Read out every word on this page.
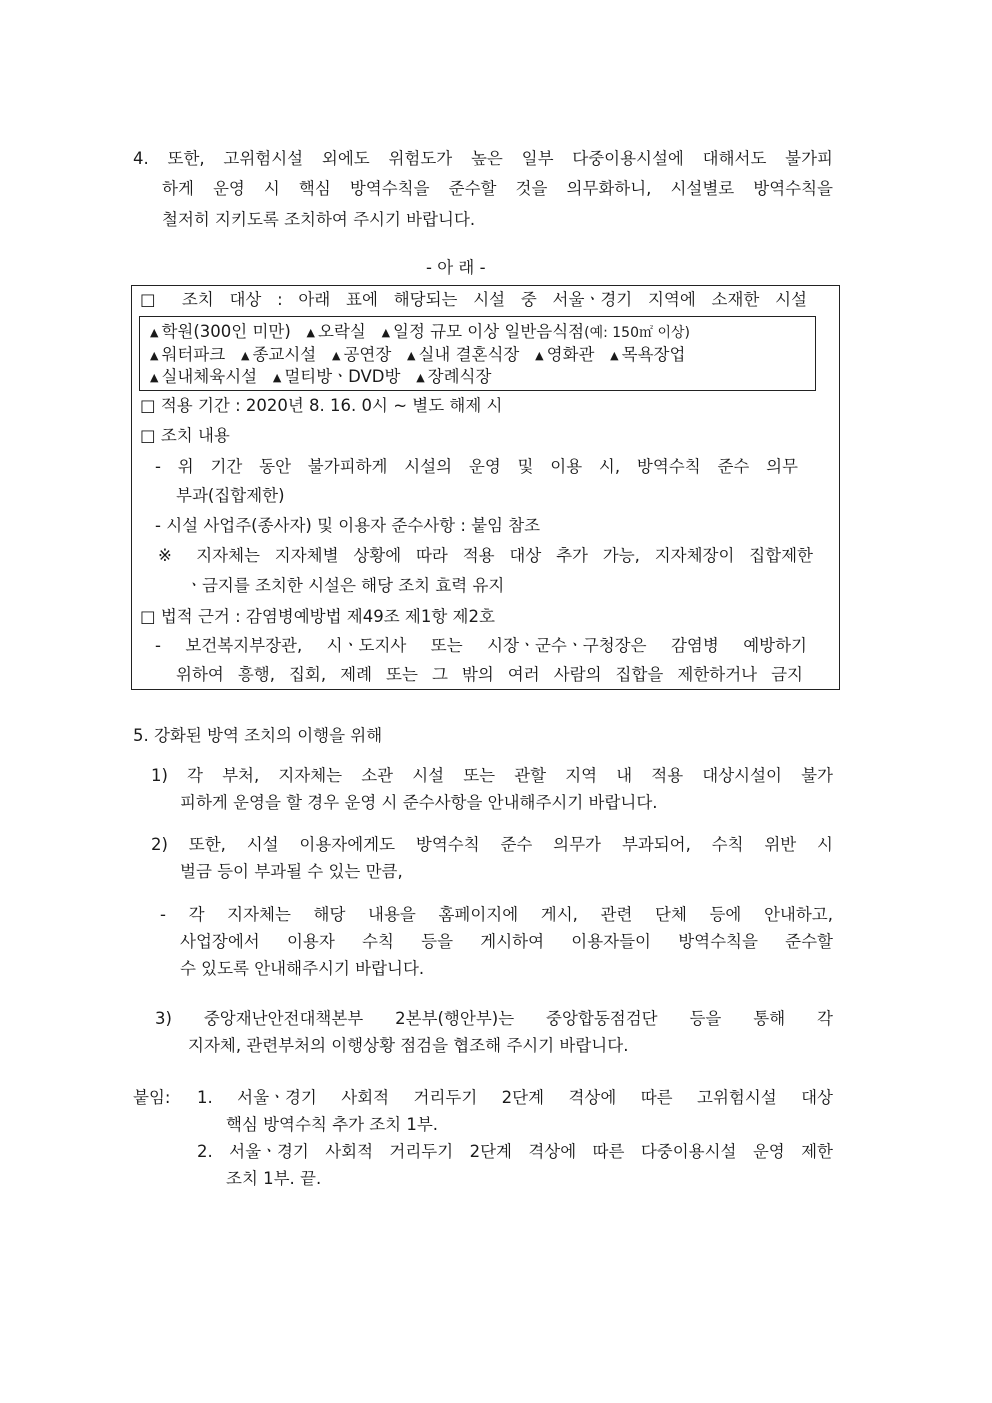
4. 또한, 고위험시설 외에도 위험도가 높은 일부 다중이용시설에 대해서도 불가피
하게 운영 시 핵심 방역수칙을 준수할 것을 의무화하니, 시설별로 방역수칙을
철저히 지키도록 조치하여 주시기 바랍니다.
- 아 래 -
□ 조치 대상 : 아래 표에 해당되는 시설 중 서울ㆍ경기 지역에 소재한 시설
▲ 학원(300인 미만) ▲ 오락실 ▲ 일정 규모 이상 일반음식점(예: 150㎡ 이상)
▲ 워터파크 ▲ 종교시설 ▲ 공연장 ▲ 실내 결혼식장 ▲ 영화관 ▲ 목욕장업
▲ 실내체육시설 ▲ 멀티방ㆍDVD방 ▲ 장례식장
□ 적용 기간 : 2020년 8. 16. 0시 ~ 별도 해제 시
□ 조치 내용
- 위 기간 동안 불가피하게 시설의 운영 및 이용 시, 방역수칙 준수 의무
부과(집합제한)
- 시설 사업주(종사자) 및 이용자 준수사항 : 붙임 참조
※ 지자체는 지자체별 상황에 따라 적용 대상 추가 가능, 지자체장이 집합제한
ㆍ금지를 조치한 시설은 해당 조치 효력 유지
□ 법적 근거 : 감염병예방법 제49조 제1항 제2호
- 보건복지부장관, 시ㆍ도지사 또는 시장ㆍ군수ㆍ구청장은 감염병 예방하기
위하여 흥행, 집회, 제례 또는 그 밖의 여러 사람의 집합을 제한하거나 금지
5. 강화된 방역 조치의 이행을 위해
1) 각 부처, 지자체는 소관 시설 또는 관할 지역 내 적용 대상시설이 불가
피하게 운영을 할 경우 운영 시 준수사항을 안내해주시기 바랍니다.
2) 또한, 시설 이용자에게도 방역수칙 준수 의무가 부과되어, 수칙 위반 시
벌금 등이 부과될 수 있는 만큼,
- 각 지자체는 해당 내용을 홈페이지에 게시, 관련 단체 등에 안내하고,
사업장에서 이용자 수칙 등을 게시하여 이용자들이 방역수칙을 준수할
수 있도록 안내해주시기 바랍니다.
3) 중앙재난안전대책본부 2본부(행안부)는 중앙합동점검단 등을 통해 각
지자체, 관련부처의 이행상황 점검을 협조해 주시기 바랍니다.
붙임: 1. 서울ㆍ경기 사회적 거리두기 2단계 격상에 따른 고위험시설 대상
핵심 방역수칙 추가 조치 1부.
2. 서울ㆍ경기 사회적 거리두기 2단계 격상에 따른 다중이용시설 운영 제한
조치 1부. 끝.
